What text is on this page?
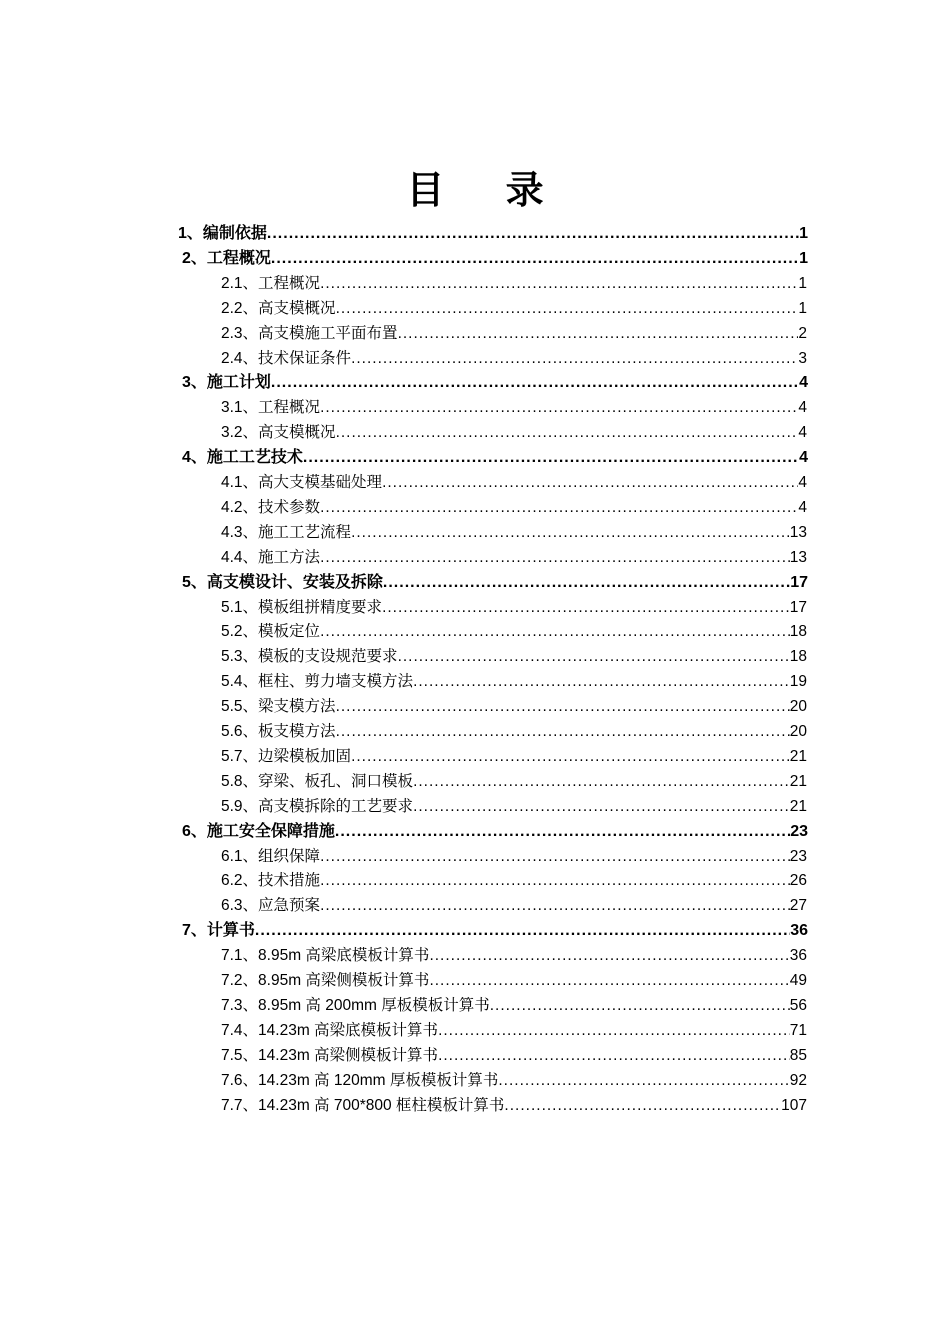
目 录
1、编制依据 .....	1
2、工程概况 .....	1
2.1、工程概况 .....	1
2.2、高支模概况 .....	1
2.3、高支模施工平面布置 .....	2
2.4、技术保证条件 .....	3
3、施工计划 .....	4
3.1、工程概况 .....	4
3.2、高支模概况 .....	4
4、施工工艺技术 .....	4
4.1、高大支模基础处理 .....	4
4.2、技术参数 .....	4
4.3、施工工艺流程 .....	13
4.4、施工方法 .....	13
5、高支模设计、安装及拆除 .....	17
5.1、模板组拼精度要求 .....	17
5.2、模板定位 .....	18
5.3、模板的支设规范要求 .....	18
5.4、框柱、剪力墙支模方法 .....	19
5.5、梁支模方法 .....	20
5.6、板支模方法 .....	20
5.7、边梁模板加固 .....	21
5.8、穿梁、板孔、洞口模板 .....	21
5.9、高支模拆除的工艺要求 .....	21
6、施工安全保障措施 .....	23
6.1、组织保障 .....	23
6.2、技术措施 .....	26
6.3、应急预案 .....	27
7、计算书 .....	36
7.1、8.95m 高梁底模板计算书 .....	36
7.2、8.95m 高梁侧模板计算书 .....	49
7.3、8.95m 高 200mm 厚板模板计算书 .....	56
7.4、14.23m 高梁底模板计算书 .....	71
7.5、14.23m 高梁侧模板计算书 .....	85
7.6、14.23m 高 120mm 厚板模板计算书 .....	92
7.7、14.23m 高 700*800 框柱模板计算书 .....	107
